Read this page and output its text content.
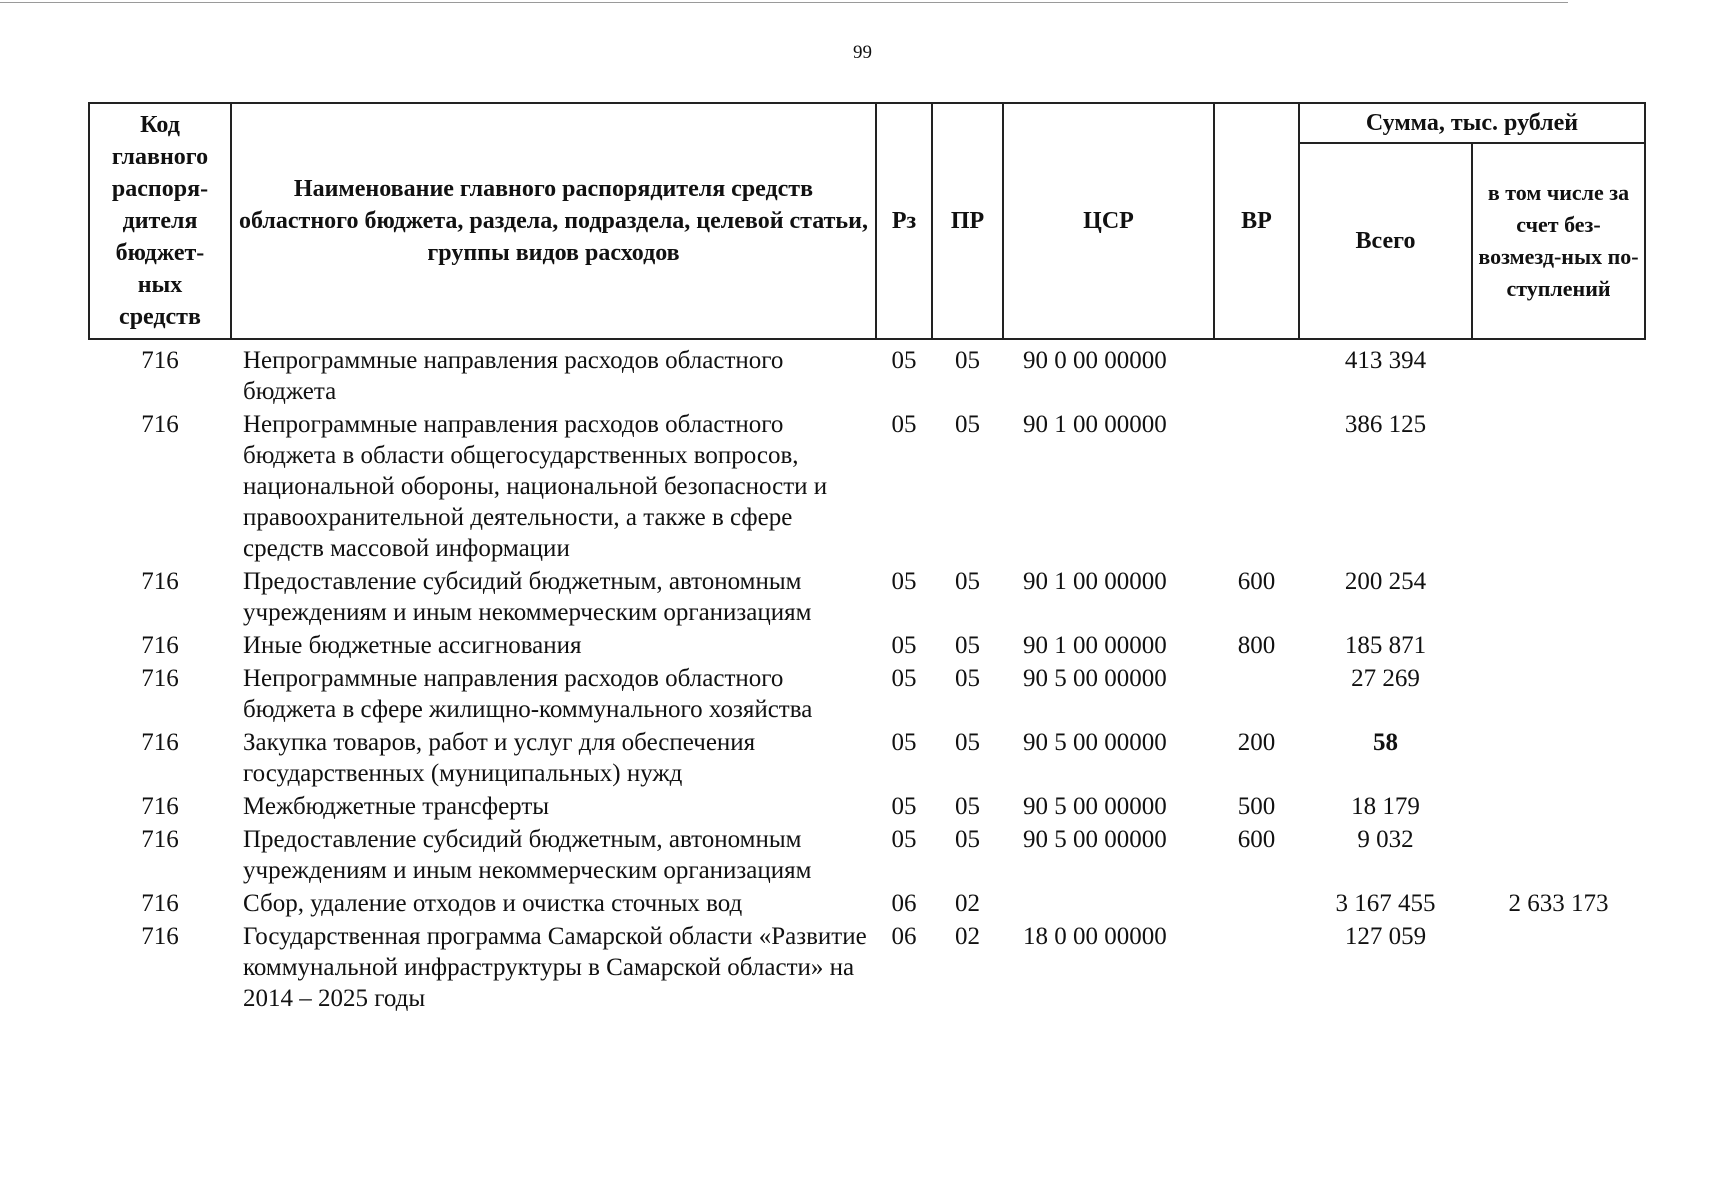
99
Код главного распоря-дителя бюджет-ных средств	Наименование главного распорядителя средств областного бюджета, раздела, подраздела, целевой статьи, группы видов расходов	Рз	ПР	ЦСР	ВР	Сумма, тыс. рублей	
						Всего	в том числе за счет без-возмезд-ных по-ступлений
716	Непрограммные направления расходов областного бюджета	05	05	90 0 00 00000		413 394	
716	Непрограммные направления расходов областного бюджета в области общегосударственных вопросов, национальной обороны, национальной безопасности и правоохранительной деятельности, а также в сфере средств массовой информации	05	05	90 1 00 00000		386 125	
716	Предоставление субсидий бюджетным, автономным учреждениям и иным некоммерческим организациям	05	05	90 1 00 00000	600	200 254	
716	Иные бюджетные ассигнования	05	05	90 1 00 00000	800	185 871	
716	Непрограммные направления расходов областного бюджета в сфере жилищно-коммунального хозяйства	05	05	90 5 00 00000		27 269	
716	Закупка товаров, работ и услуг для обеспечения государственных (муниципальных) нужд	05	05	90 5 00 00000	200	58	
716	Межбюджетные трансферты	05	05	90 5 00 00000	500	18 179	
716	Предоставление субсидий бюджетным, автономным учреждениям и иным некоммерческим организациям	05	05	90 5 00 00000	600	9 032	
716	Сбор, удаление отходов и очистка сточных вод	06	02			3 167 455	2 633 173
716	Государственная программа Самарской области «Развитие коммунальной инфраструктуры в Самарской области» на 2014 – 2025 годы	06	02	18 0 00 00000		127 059	
